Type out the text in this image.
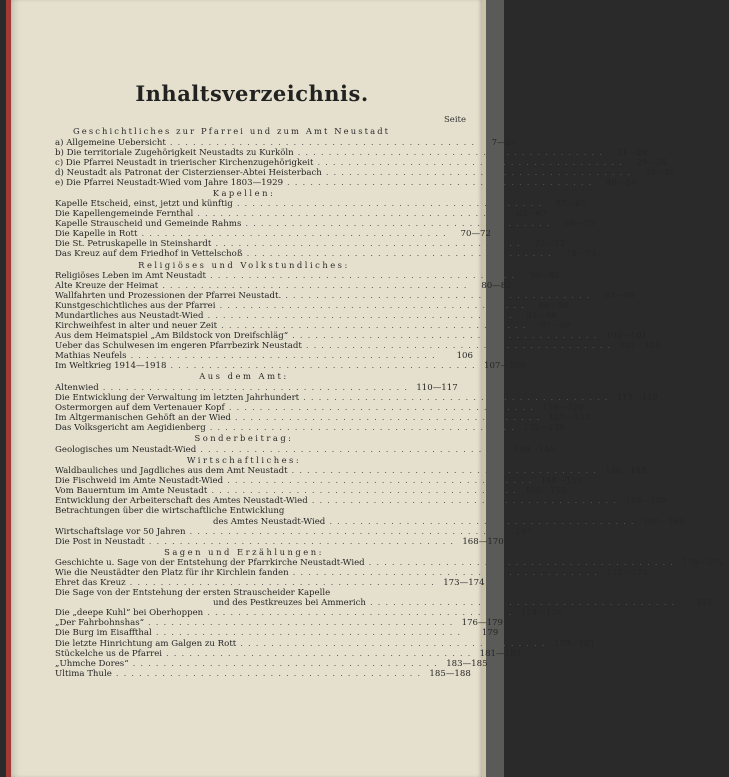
Inhaltsverzeichnis.
Seite
Geschichtliches zur Pfarrei und zum Amt Neustadt
a) Allgemeine Uebersicht ........................................	7—21
b) Die territoriale Zugehörigkeit Neustadts zu Kurköln ........................................	21—29
c) Die Pfarrei Neustadt in trierischer Kirchenzugehörigkeit ........................................	29—34
d) Neustadt als Patronat der Cisterzienser-Abtei Heisterbach ........................................	34—45
e) Die Pfarrei Neustadt-Wied vom Jahre 1803—1929 ........................................	46—56
Kapellen:
Kapelle Etscheid, einst, jetzt und künftig ........................................	57—63
Die Kapellengemeinde Fernthal ........................................	63—67
Kapelle Strauscheid und Gemeinde Rahms ........................................	68—70
Die Kapelle in Rott ........................................	70—72
Die St. Petruskapelle in Steinshardt ........................................	72—73
Das Kreuz auf dem Friedhof in Vettelschoß ........................................	74—75
Religiöses und Volkstundliches:
Religiöses Leben im Amt Neustadt ........................................	76—80
Alte Kreuze der Heimat ........................................	80—82
Wallfahrten und Prozessionen der Pfarrei Neustadt. ........................................	82—86
Kunstgeschichtliches aus der Pfarrei ........................................	86—90
Mundartliches aus Neustadt-Wied ........................................	91—96
Kirchweihfest in alter und neuer Zeit ........................................	97—99
Aus dem Heimatspiel „Am Bildstock von Dreifschläg“ ........................................ 100—101
Ueber das Schulwesen im engeren Pfarrbezirk Neustadt ........................................ 102—105
Mathias Neufels ........................................	106
Im Weltkrieg 1914—1918 ........................................ 107—109
Aus dem Amt:
Altenwied ........................................ 110—117
Die Entwicklung der Verwaltung im letzten Jahrhundert ........................................ 117—119
Ostermorgen auf dem Vertenauer Kopf ........................................ 119—126
Im Altgermanischen Gehöft an der Wied ........................................ 127—132
Das Volksgericht am Aegidienberg ........................................ 132—139
Sonderbeitrag:
Geologisches um Neustadt-Wied ........................................ 139—145
Wirtschaftliches:
Waldbauliches und Jagdliches aus dem Amt Neustadt ........................................ 146—148
Die Fischweid im Amte Neustadt-Wied ........................................ 148—150
Vom Bauerntum im Amte Neustadt ........................................ 150—155
Entwicklung der Arbeiterschaft des Amtes Neustadt-Wied ........................................ 155—159
Betrachtungen über die wirtschaftliche Entwicklung
des Amtes Neustadt-Wied ........................................ 160—166
Wirtschaftslage vor 50 Jahren ........................................	167
Die Post in Neustadt ........................................ 168—170
Sagen und Erzählungen:
Geschichte u. Sage von der Entstehung der Pfarrkirche Neustadt-Wied ........................................ 170—172
Wie die Neustädter den Platz für ihr Kirchlein fanden ........................................ 172—173
Ehret das Kreuz ........................................ 173—174
Die Sage von der Entstehung der ersten Strauscheider Kapelle
und des Pestkreuzes bei Ammerich ........................................	174
Die „deepe Kuhl“ bei Oberhoppen ........................................ 174—176
„Der Fahrbohnshas“ ........................................ 176—179
Die Burg im Eisaffthal ........................................	179
Die letzte Hinrichtung am Galgen zu Rott ........................................ 179—181
Stückelche us de Pfarrei ........................................ 181—183
„Uhmche Dores“ ........................................ 183—185
Ultima Thule ........................................ 185—188
